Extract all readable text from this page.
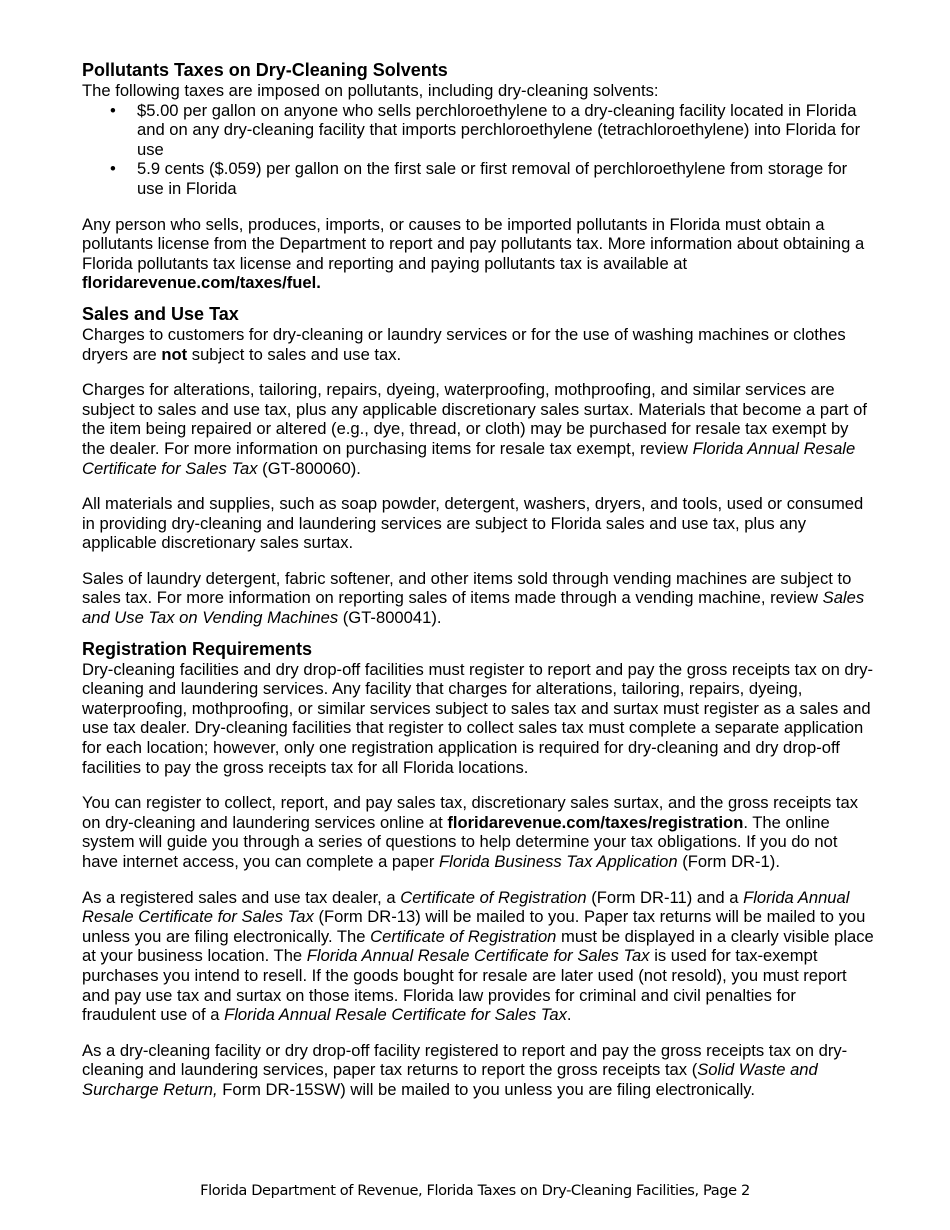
Pollutants Taxes on Dry-Cleaning Solvents

The following taxes are imposed on pollutants, including dry-cleaning solvents:

• $5.00 per gallon on anyone who sells perchloroethylene to a dry-cleaning facility located in Florida and on any dry-cleaning facility that imports perchloroethylene (tetrachloroethylene) into Florida for use
• 5.9 cents ($.059) per gallon on the first sale or first removal of perchloroethylene from storage for use in Florida

Any person who sells, produces, imports, or causes to be imported pollutants in Florida must obtain a pollutants license from the Department to report and pay pollutants tax. More information about obtaining a Florida pollutants tax license and reporting and paying pollutants tax is available at
floridarevenue.com/taxes/fuel.

Sales and Use Tax

Charges to customers for dry-cleaning or laundry services or for the use of washing machines or clothes dryers are not subject to sales and use tax.

Charges for alterations, tailoring, repairs, dyeing, waterproofing, mothproofing, and similar services are subject to sales and use tax, plus any applicable discretionary sales surtax. Materials that become a part of the item being repaired or altered (e.g., dye, thread, or cloth) may be purchased for resale tax exempt by the dealer. For more information on purchasing items for resale tax exempt, review Florida Annual Resale Certificate for Sales Tax (GT-800060).

All materials and supplies, such as soap powder, detergent, washers, dryers, and tools, used or consumed in providing dry-cleaning and laundering services are subject to Florida sales and use tax, plus any applicable discretionary sales surtax.

Sales of laundry detergent, fabric softener, and other items sold through vending machines are subject to sales tax. For more information on reporting sales of items made through a vending machine, review Sales and Use Tax on Vending Machines (GT-800041).

Registration Requirements

Dry-cleaning facilities and dry drop-off facilities must register to report and pay the gross receipts tax on dry-cleaning and laundering services. Any facility that charges for alterations, tailoring, repairs, dyeing, waterproofing, mothproofing, or similar services subject to sales tax and surtax must register as a sales and use tax dealer. Dry-cleaning facilities that register to collect sales tax must complete a separate application for each location; however, only one registration application is required for dry-cleaning and dry drop-off facilities to pay the gross receipts tax for all Florida locations.

You can register to collect, report, and pay sales tax, discretionary sales surtax, and the gross receipts tax on dry-cleaning and laundering services online at floridarevenue.com/taxes/registration. The online system will guide you through a series of questions to help determine your tax obligations. If you do not have internet access, you can complete a paper Florida Business Tax Application (Form DR-1).

As a registered sales and use tax dealer, a Certificate of Registration (Form DR-11) and a Florida Annual Resale Certificate for Sales Tax (Form DR-13) will be mailed to you. Paper tax returns will be mailed to you unless you are filing electronically. The Certificate of Registration must be displayed in a clearly visible place at your business location. The Florida Annual Resale Certificate for Sales Tax is used for tax-exempt purchases you intend to resell. If the goods bought for resale are later used (not resold), you must report and pay use tax and surtax on those items. Florida law provides for criminal and civil penalties for fraudulent use of a Florida Annual Resale Certificate for Sales Tax.

As a dry-cleaning facility or dry drop-off facility registered to report and pay the gross receipts tax on dry-cleaning and laundering services, paper tax returns to report the gross receipts tax (Solid Waste and Surcharge Return, Form DR-15SW) will be mailed to you unless you are filing electronically.

Florida Department of Revenue, Florida Taxes on Dry-Cleaning Facilities, Page 2
